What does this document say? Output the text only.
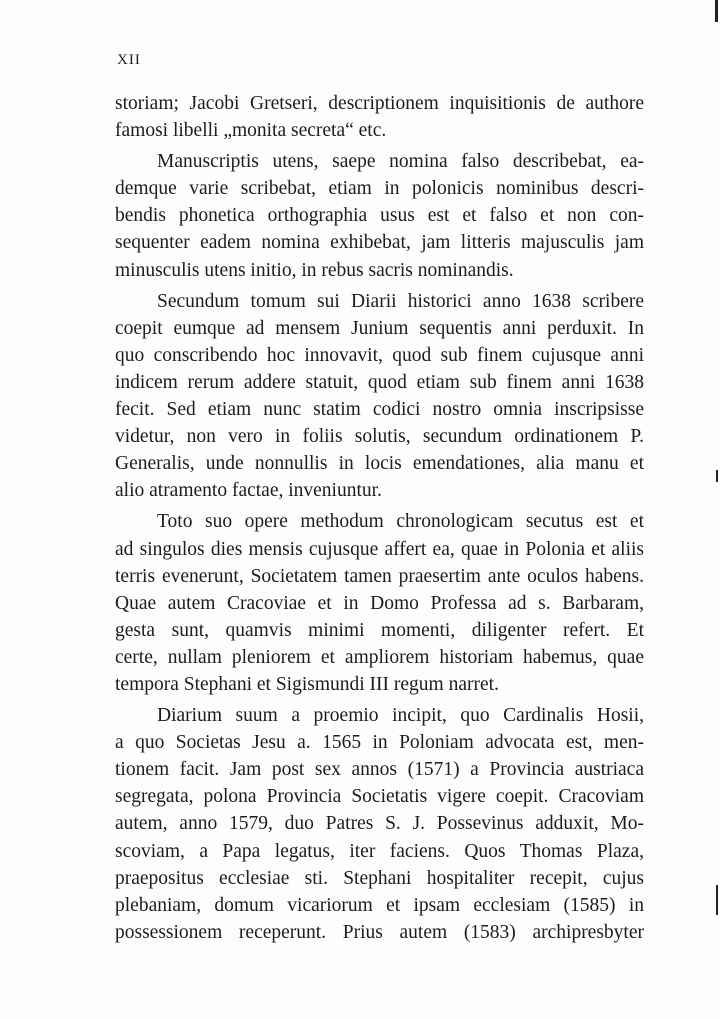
XII
storiam; Jacobi Gretseri, descriptionem inquisitionis de authore
famosi libelli „monita secreta“ etc.
Manuscriptis utens, saepe nomina falso describebat, ea-
demque varie scribebat, etiam in polonicis nominibus descri-
bendis phonetica orthographia usus est et falso et non con-
sequenter eadem nomina exhibebat, jam litteris majusculis jam
minusculis utens initio, in rebus sacris nominandis.
Secundum tomum sui Diarii historici anno 1638 scribere
coepit eumque ad mensem Junium sequentis anni perduxit. In
quo conscribendo hoc innovavit, quod sub finem cujusque anni
indicem rerum addere statuit, quod etiam sub finem anni 1638
fecit. Sed etiam nunc statim codici nostro omnia inscripsisse
videtur, non vero in foliis solutis, secundum ordinationem P.
Generalis, unde nonnullis in locis emendationes, alia manu et
alio atramento factae, inveniuntur.
Toto suo opere methodum chronologicam secutus est et
ad singulos dies mensis cujusque affert ea, quae in Polonia et aliis
terris evenerunt, Societatem tamen praesertim ante oculos habens.
Quae autem Cracoviae et in Domo Professa ad s. Barbaram,
gesta sunt, quamvis minimi momenti, diligenter refert. Et
certe, nullam pleniorem et ampliorem historiam habemus, quae
tempora Stephani et Sigismundi III regum narret.
Diarium suum a proemio incipit, quo Cardinalis Hosii,
a quo Societas Jesu a. 1565 in Poloniam advocata est, men-
tionem facit. Jam post sex annos (1571) a Provincia austriaca
segregata, polona Provincia Societatis vigere coepit. Cracoviam
autem, anno 1579, duo Patres S. J. Possevinus adduxit, Mo-
scoviam, a Papa legatus, iter faciens. Quos Thomas Plaza,
praepositus ecclesiae sti. Stephani hospitaliter recepit, cujus
plebaniam, domum vicariorum et ipsam ecclesiam (1585) in
possessionem receperunt. Prius autem (1583) archipresbyter
